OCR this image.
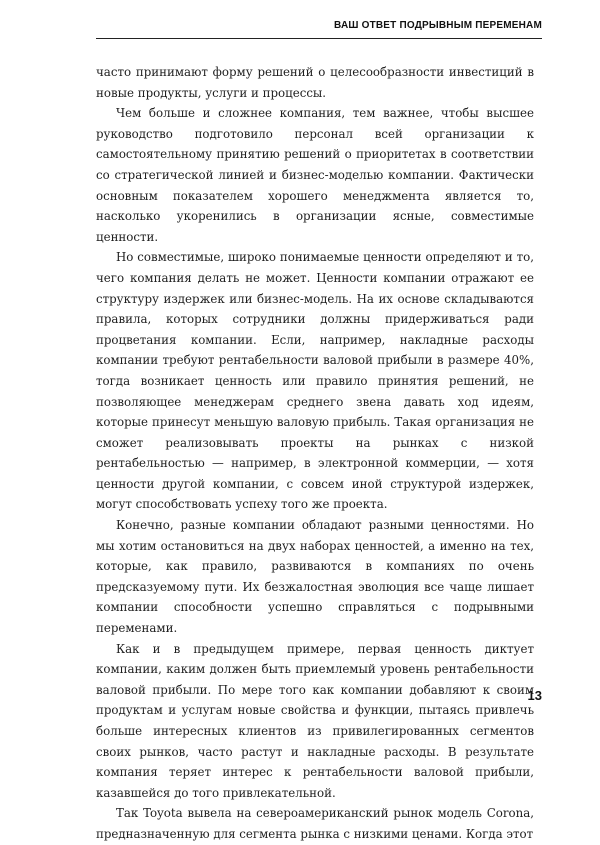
ВАШ ОТВЕТ ПОДРЫВНЫМ ПЕРЕМЕНАМ

часто принимают форму решений о целесообразности инвестиций в новые продукты, услуги и процессы.

Чем больше и сложнее компания, тем важнее, чтобы высшее руководство подготовило персонал всей организации к самостоятельному принятию решений о приоритетах в соответствии со стратегической линией и бизнес-моделью компании. Фактически основным показателем хорошего менеджмента является то, насколько укоренились в организации ясные, совместимые ценности.

Но совместимые, широко понимаемые ценности определяют и то, чего компания делать не может. Ценности компании отражают ее структуру издержек или бизнес-модель. На их основе складываются правила, которых сотрудники должны придерживаться ради процветания компании. Если, например, накладные расходы компании требуют рентабельности валовой прибыли в размере 40%, тогда возникает ценность или правило принятия решений, не позволяющее менеджерам среднего звена давать ход идеям, которые принесут меньшую валовую прибыль. Такая организация не сможет реализовывать проекты на рынках с низкой рентабельностью — например, в электронной коммерции, — хотя ценности другой компании, с совсем иной структурой издержек, могут способствовать успеху того же проекта.

Конечно, разные компании обладают разными ценностями. Но мы хотим остановиться на двух наборах ценностей, а именно на тех, которые, как правило, развиваются в компаниях по очень предсказуемому пути. Их безжалостная эволюция все чаще лишает компании способности успешно справляться с подрывными переменами.

Как и в предыдущем примере, первая ценность диктует компании, каким должен быть приемлемый уровень рентабельности валовой прибыли. По мере того как компании добавляют к своим продуктам и услугам новые свойства и функции, пытаясь привлечь больше интересных клиентов из привилегированных сегментов своих рынков, часто растут и накладные расходы. В результате компания теряет интерес к рентабельности валовой прибыли, казавшейся до того привлекательной.

Так Toyota вывела на североамериканский рынок модель Corona, предназначенную для сегмента рынка с низкими ценами. Когда этот

13
